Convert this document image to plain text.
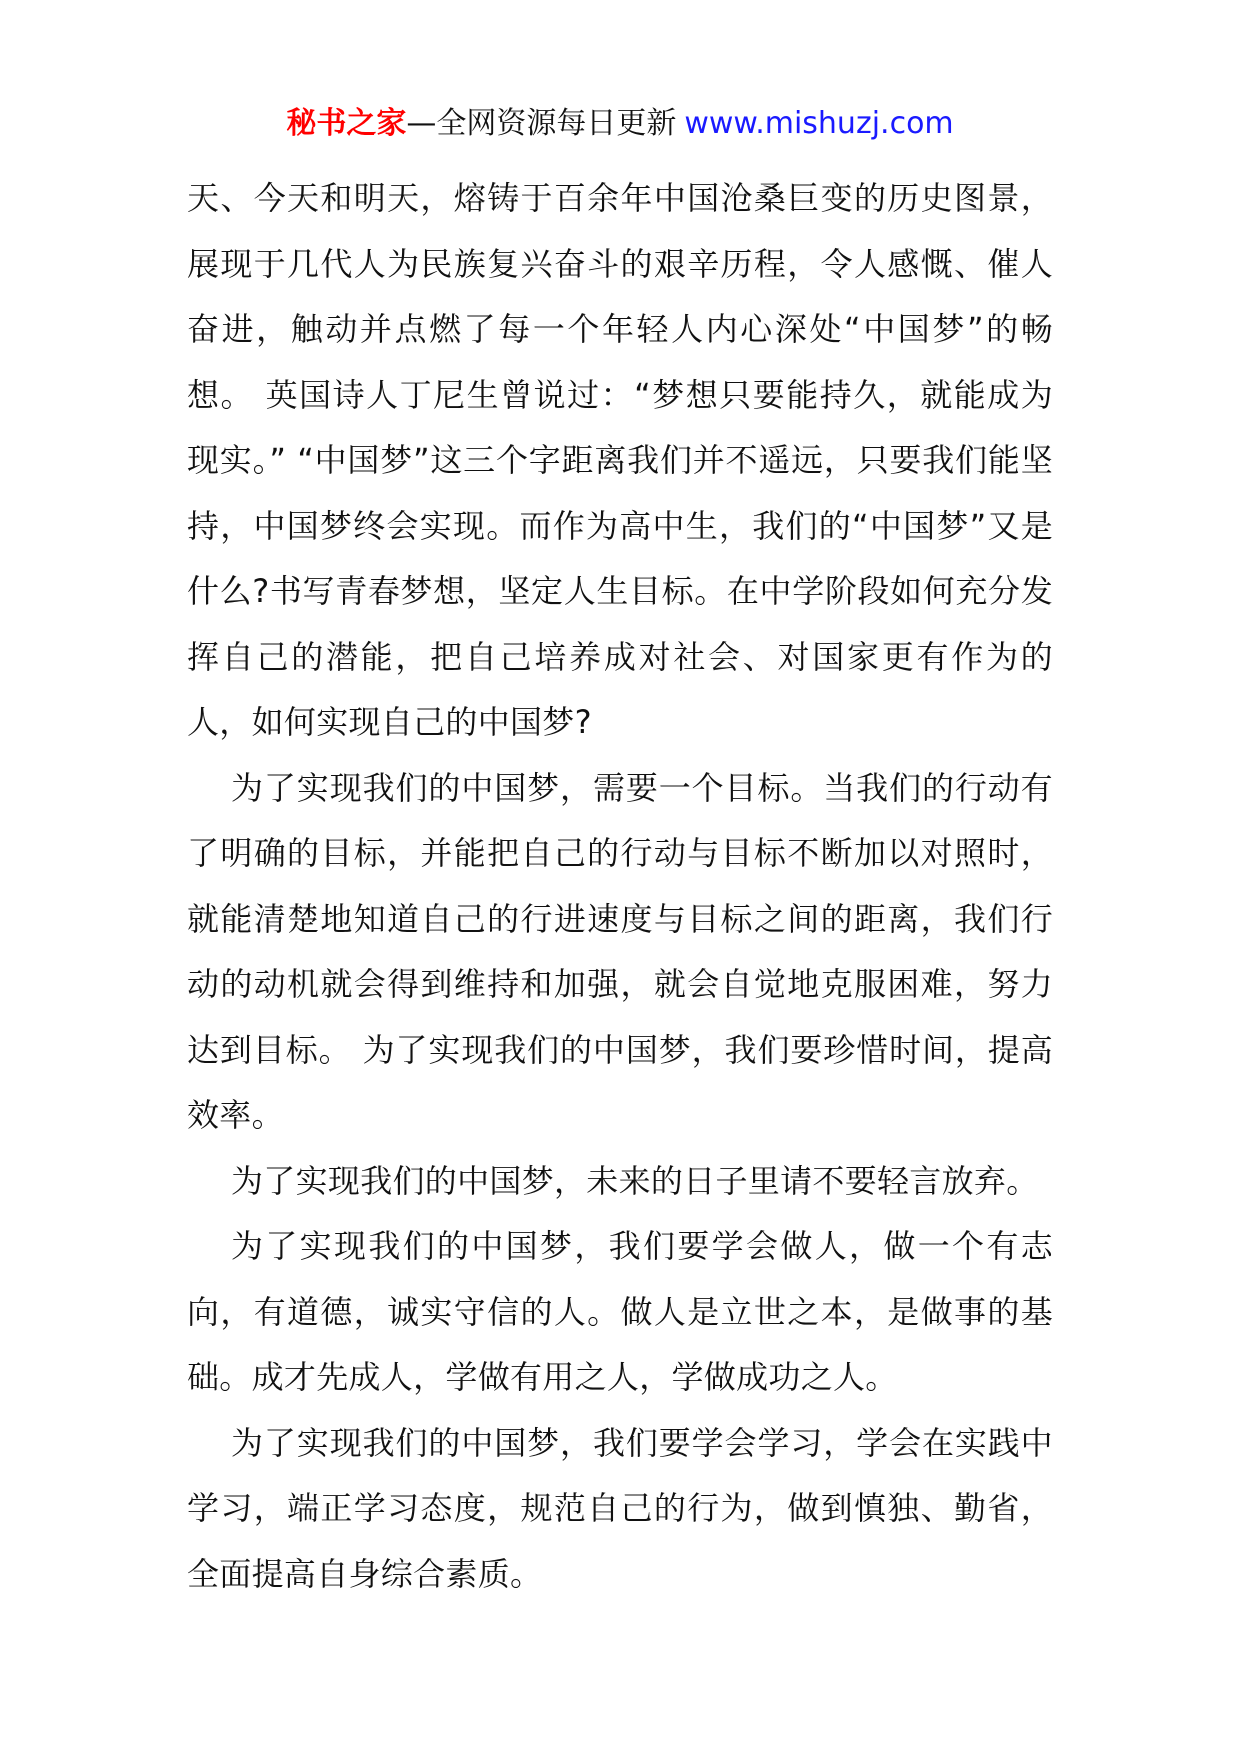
秘书之家—全网资源每日更新 www.mishuzj.com

天、今天和明天，熔铸于百余年中国沧桑巨变的历史图景，展现于几代人为民族复兴奋斗的艰辛历程，令人感慨、催人奋进，触动并点燃了每一个年轻人内心深处“中国梦”的畅想。 英国诗人丁尼生曾说过：“梦想只要能持久，就能成为现实。” “中国梦”这三个字距离我们并不遥远，只要我们能坚持，中国梦终会实现。而作为高中生，我们的“中国梦”又是什么?书写青春梦想，坚定人生目标。在中学阶段如何充分发挥自己的潜能，把自己培养成对社会、对国家更有作为的人，如何实现自己的中国梦?

为了实现我们的中国梦，需要一个目标。当我们的行动有了明确的目标，并能把自己的行动与目标不断加以对照时，就能清楚地知道自己的行进速度与目标之间的距离，我们行动的动机就会得到维持和加强，就会自觉地克服困难，努力达到目标。 为了实现我们的中国梦，我们要珍惜时间，提高效率。

为了实现我们的中国梦，未来的日子里请不要轻言放弃。

为了实现我们的中国梦，我们要学会做人，做一个有志向，有道德，诚实守信的人。做人是立世之本，是做事的基础。成才先成人，学做有用之人，学做成功之人。

为了实现我们的中国梦，我们要学会学习，学会在实践中学习，端正学习态度，规范自己的行为，做到慎独、勤省，全面提高自身综合素质。
